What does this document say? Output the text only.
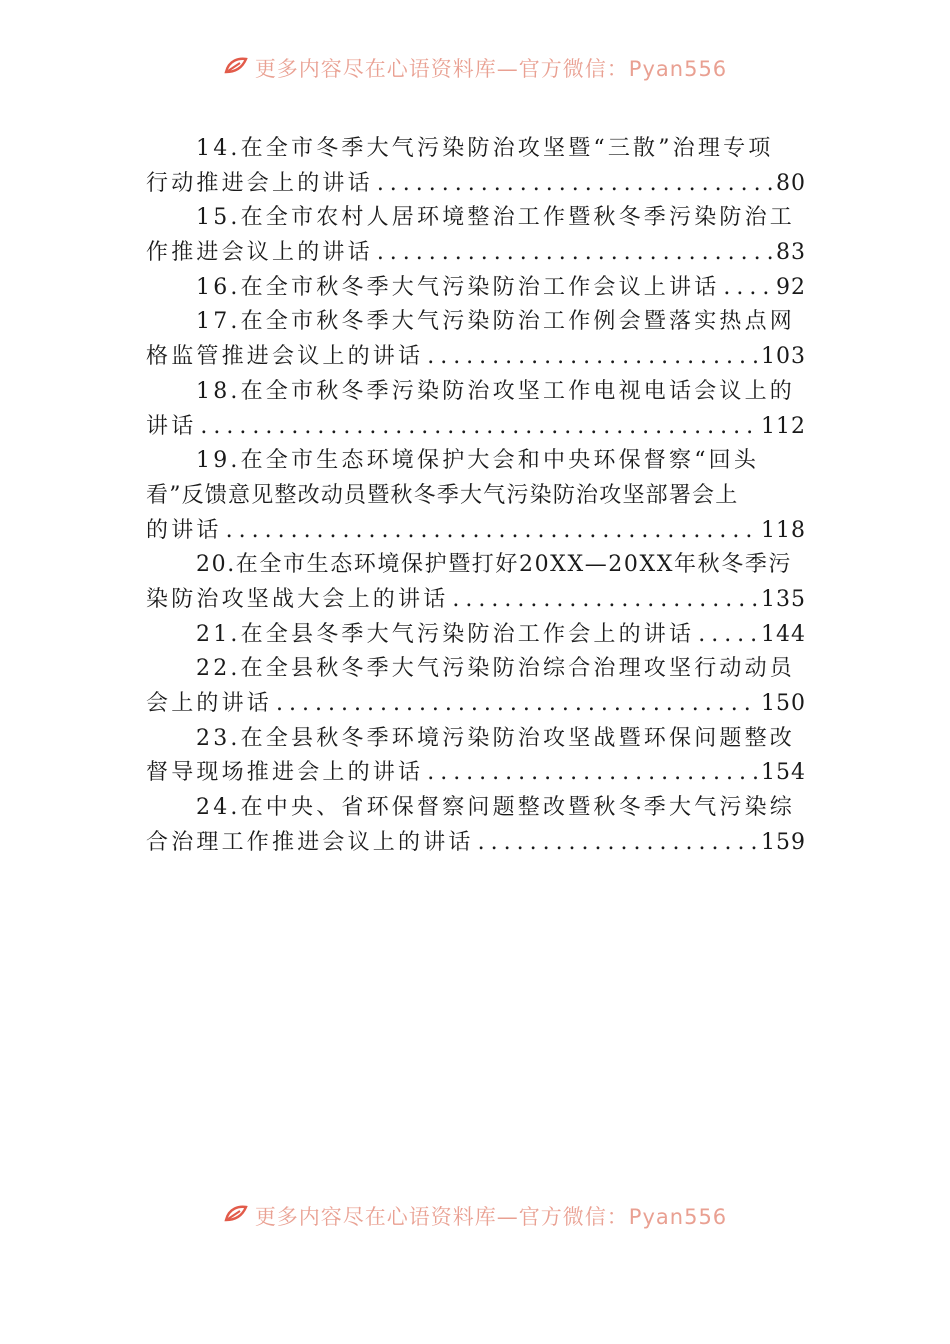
更多内容尽在心语资料库—官方微信：Pyan556
14.在全市冬季大气污染防治攻坚暨“三散”治理专项
行动推进会上的讲话 .....	80
15.在全市农村人居环境整治工作暨秋冬季污染防治工
作推进会议上的讲话 .....	83
16.在全市秋冬季大气污染防治工作会议上讲话 .....	92
17.在全市秋冬季大气污染防治工作例会暨落实热点网
格监管推进会议上的讲话 .....	103
18.在全市秋冬季污染防治攻坚工作电视电话会议上的
讲话 .....	112
19.在全市生态环境保护大会和中央环保督察“回头
看”反馈意见整改动员暨秋冬季大气污染防治攻坚部署会上
的讲话 .....	118
20.在全市生态环境保护暨打好20XX—20XX年秋冬季污
染防治攻坚战大会上的讲话 .....	135
21.在全县冬季大气污染防治工作会上的讲话 .....	144
22.在全县秋冬季大气污染防治综合治理攻坚行动动员
会上的讲话 .....	150
23.在全县秋冬季环境污染防治攻坚战暨环保问题整改
督导现场推进会上的讲话 .....	154
24.在中央、省环保督察问题整改暨秋冬季大气污染综
合治理工作推进会议上的讲话 .....	159
更多内容尽在心语资料库—官方微信：Pyan556
